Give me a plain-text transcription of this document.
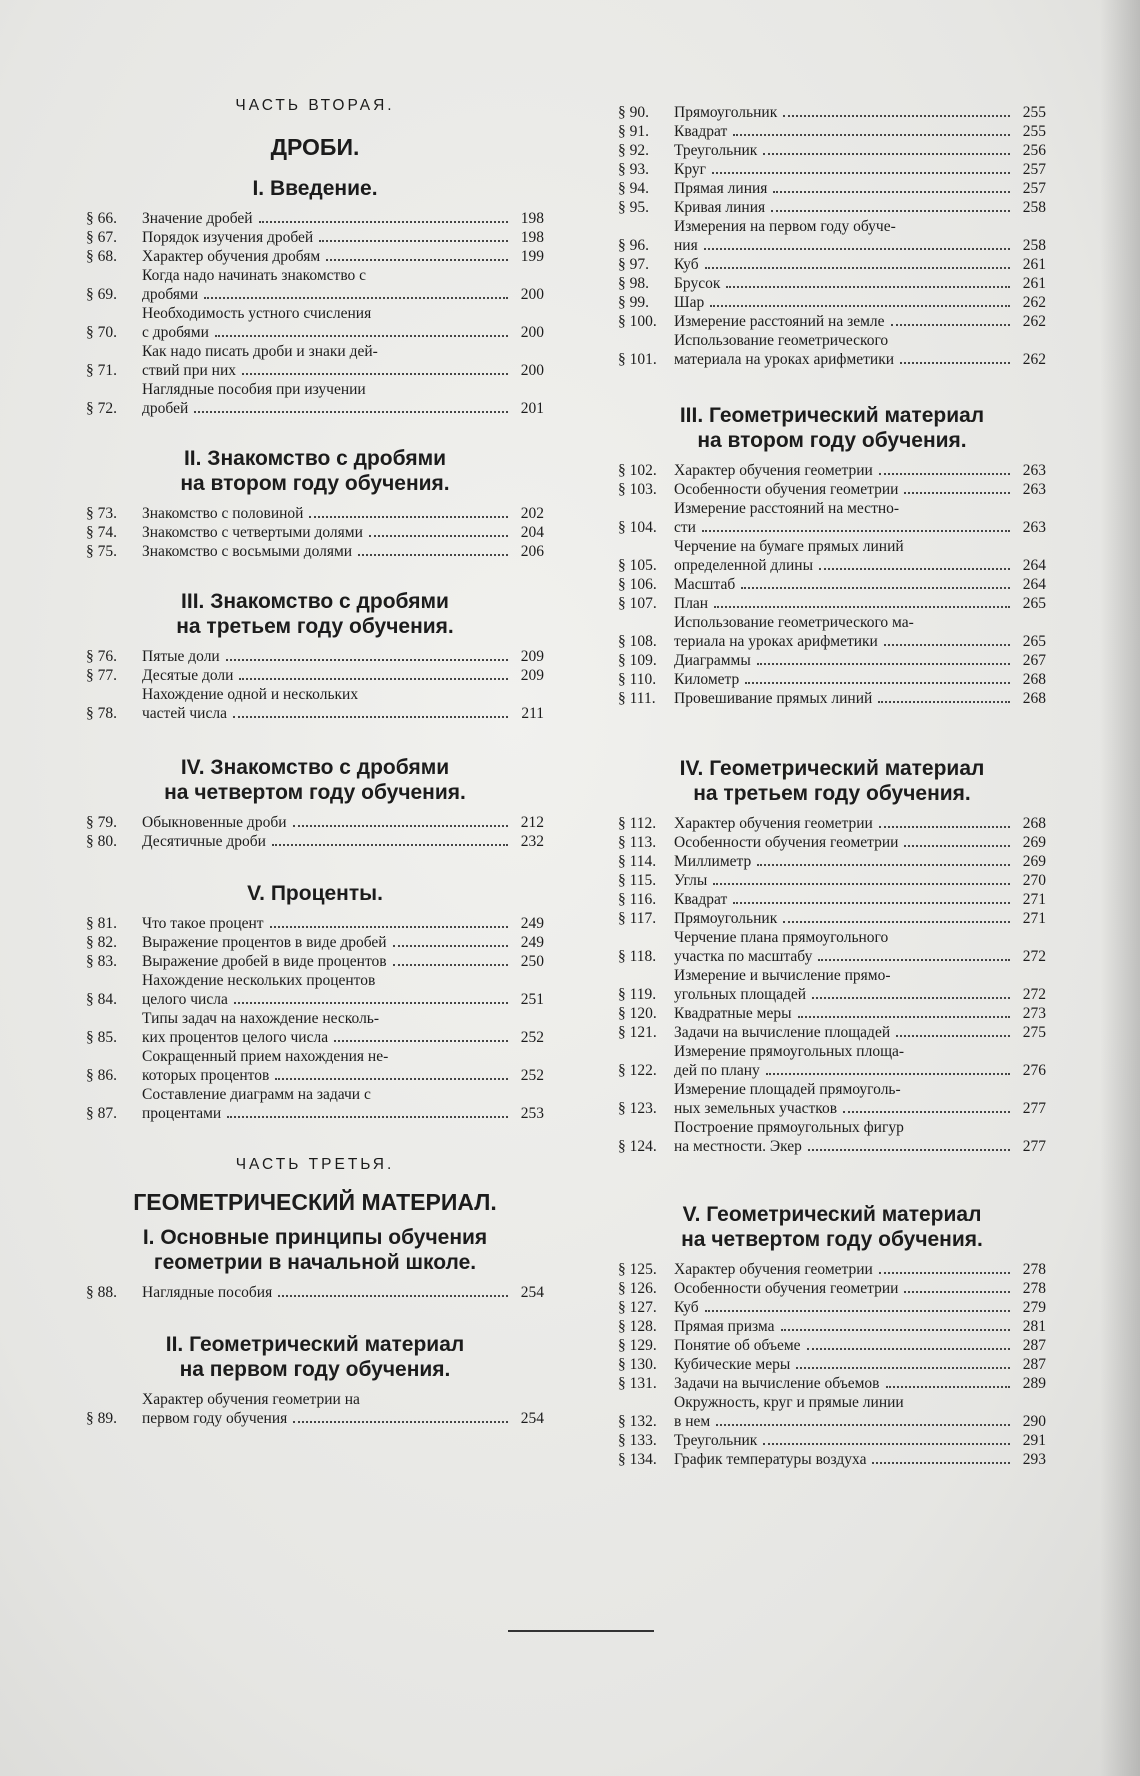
ЧАСТЬ ВТОРАЯ.
ДРОБИ.
I. Введение.
§ 66.	Значение дробей	198
§ 67.	Порядок изучения дробей	198
§ 68.	Характер обучения дробям	199
§ 69.
Когда надо начинать знакомство с
дробями	200
§ 70.
Необходимость устного счисления
с дробями	200
§ 71.
Как надо писать дроби и знаки дей-
ствий при них	200
§ 72.
Наглядные пособия при изучении
дробей	201
II. Знакомство с дробями
на втором году обучения.
§ 73.	Знакомство с половиной	202
§ 74.	Знакомство с четвертыми долями	204
§ 75.	Знакомство с восьмыми долями	206
III. Знакомство с дробями
на третьем году обучения.
§ 76.	Пятые доли	209
§ 77.	Десятые доли	209
§ 78.
Нахождение одной и нескольких
частей числа	211
IV. Знакомство с дробями
на четвертом году обучения.
§ 79.	Обыкновенные дроби	212
§ 80.	Десятичные дроби	232
V. Проценты.
§ 81.	Что такое процент	249
§ 82.	Выражение процентов в виде дробей	249
§ 83.	Выражение дробей в виде процентов	250
§ 84.
Нахождение нескольких процентов
целого числа	251
§ 85.
Типы задач на нахождение несколь-
ких процентов целого числа	252
§ 86.
Сокращенный прием нахождения не-
которых процентов	252
§ 87.
Составление диаграмм на задачи с
процентами	253
ЧАСТЬ ТРЕТЬЯ.
ГЕОМЕТРИЧЕСКИЙ МАТЕРИАЛ.
I. Основные принципы обучения
геометрии в начальной школе.
§ 88.	Наглядные пособия	254
II. Геометрический материал
на первом году обучения.
§ 89.
Характер обучения геометрии на
первом году обучения	254
§ 90.	Прямоугольник	255
§ 91.	Квадрат	255
§ 92.	Треугольник	256
§ 93.	Круг	257
§ 94.	Прямая линия	257
§ 95.	Кривая линия	258
§ 96.
Измерения на первом году обуче-
ния	258
§ 97.	Куб	261
§ 98.	Брусок	261
§ 99.	Шар	262
§ 100.	Измерение расстояний на земле	262
§ 101.
Использование геометрического
материала на уроках арифметики	262
III. Геометрический материал
на втором году обучения.
§ 102.	Характер обучения геометрии	263
§ 103.	Особенности обучения геометрии	263
§ 104.
Измерение расстояний на местно-
сти	263
§ 105.
Черчение на бумаге прямых линий
определенной длины	264
§ 106.	Масштаб	264
§ 107.	План	265
§ 108.
Использование геометрического ма-
териала на уроках арифметики	265
§ 109.	Диаграммы	267
§ 110.	Километр	268
§ 111.	Провешивание прямых линий	268
IV. Геометрический материал
на третьем году обучения.
§ 112.	Характер обучения геометрии	268
§ 113.	Особенности обучения геометрии	269
§ 114.	Миллиметр	269
§ 115.	Углы	270
§ 116.	Квадрат	271
§ 117.	Прямоугольник	271
§ 118.
Черчение плана прямоугольного
участка по масштабу	272
§ 119.
Измерение и вычисление прямо-
угольных площадей	272
§ 120.	Квадратные меры	273
§ 121.	Задачи на вычисление площадей	275
§ 122.
Измерение прямоугольных площа-
дей по плану	276
§ 123.
Измерение площадей прямоуголь-
ных земельных участков	277
§ 124.
Построение прямоугольных фигур
на местности. Экер	277
V. Геометрический материал
на четвертом году обучения.
§ 125.	Характер обучения геометрии	278
§ 126.	Особенности обучения геометрии	278
§ 127.	Куб	279
§ 128.	Прямая призма	281
§ 129.	Понятие об объеме	287
§ 130.	Кубические меры	287
§ 131.	Задачи на вычисление объемов	289
§ 132.
Окружность, круг и прямые линии
в нем	290
§ 133.	Треугольник	291
§ 134.	График температуры воздуха	293
